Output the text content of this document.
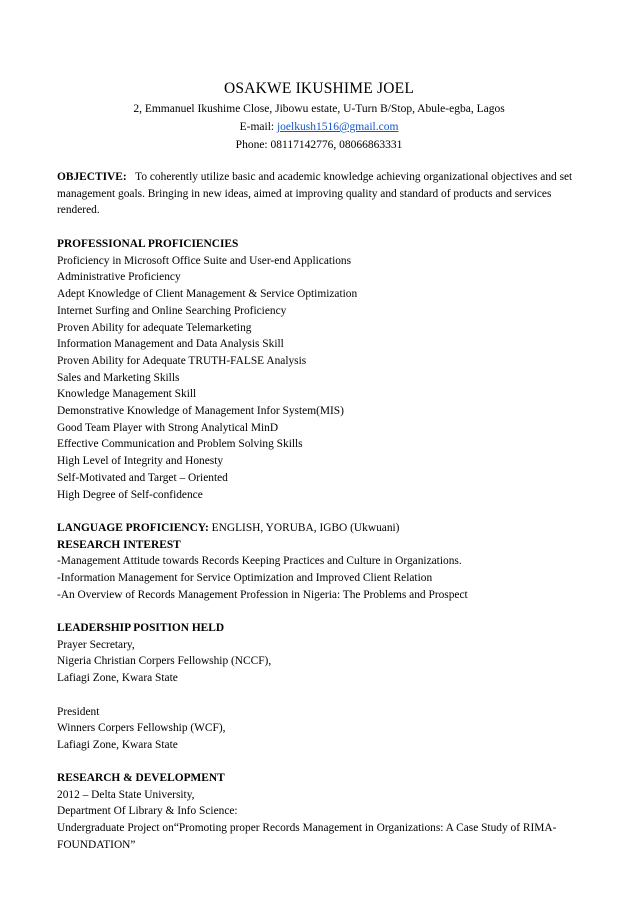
OSAKWE IKUSHIME JOEL
2, Emmanuel Ikushime Close, Jibowu estate, U-Turn B/Stop, Abule-egba, Lagos
E-mail: joelkush1516@gmail.com
Phone: 08117142776, 08066863331

OBJECTIVE: To coherently utilize basic and academic knowledge achieving organizational objectives and set management goals. Bringing in new ideas, aimed at improving quality and standard of products and services rendered.

PROFESSIONAL PROFICIENCIES
Proficiency in Microsoft Office Suite and User-end Applications
Administrative Proficiency
Adept Knowledge of Client Management & Service Optimization
Internet Surfing and Online Searching Proficiency
Proven Ability for adequate Telemarketing
Information Management and Data Analysis Skill
Proven Ability for Adequate TRUTH-FALSE Analysis
Sales and Marketing Skills
Knowledge Management Skill
Demonstrative Knowledge of Management Infor System(MIS)
Good Team Player with Strong Analytical MinD
Effective Communication and Problem Solving Skills
High Level of Integrity and Honesty
Self-Motivated and Target – Oriented
High Degree of Self-confidence
LANGUAGE PROFICIENCY: ENGLISH, YORUBA, IGBO (Ukwuani)
RESEARCH INTEREST
-Management Attitude towards Records Keeping Practices and Culture in Organizations.
-Information Management for Service Optimization and Improved Client Relation
-An Overview of Records Management Profession in Nigeria: The Problems and Prospect
LEADERSHIP POSITION HELD
Prayer Secretary,
Nigeria Christian Corpers Fellowship (NCCF),
Lafiagi Zone, Kwara State
President
Winners Corpers Fellowship (WCF),
Lafiagi Zone, Kwara State
RESEARCH & DEVELOPMENT
2012 – Delta State University,
Department Of Library & Info Science:
Undergraduate Project on“Promoting proper Records Management in Organizations: A Case Study of RIMA-
FOUNDATION”
